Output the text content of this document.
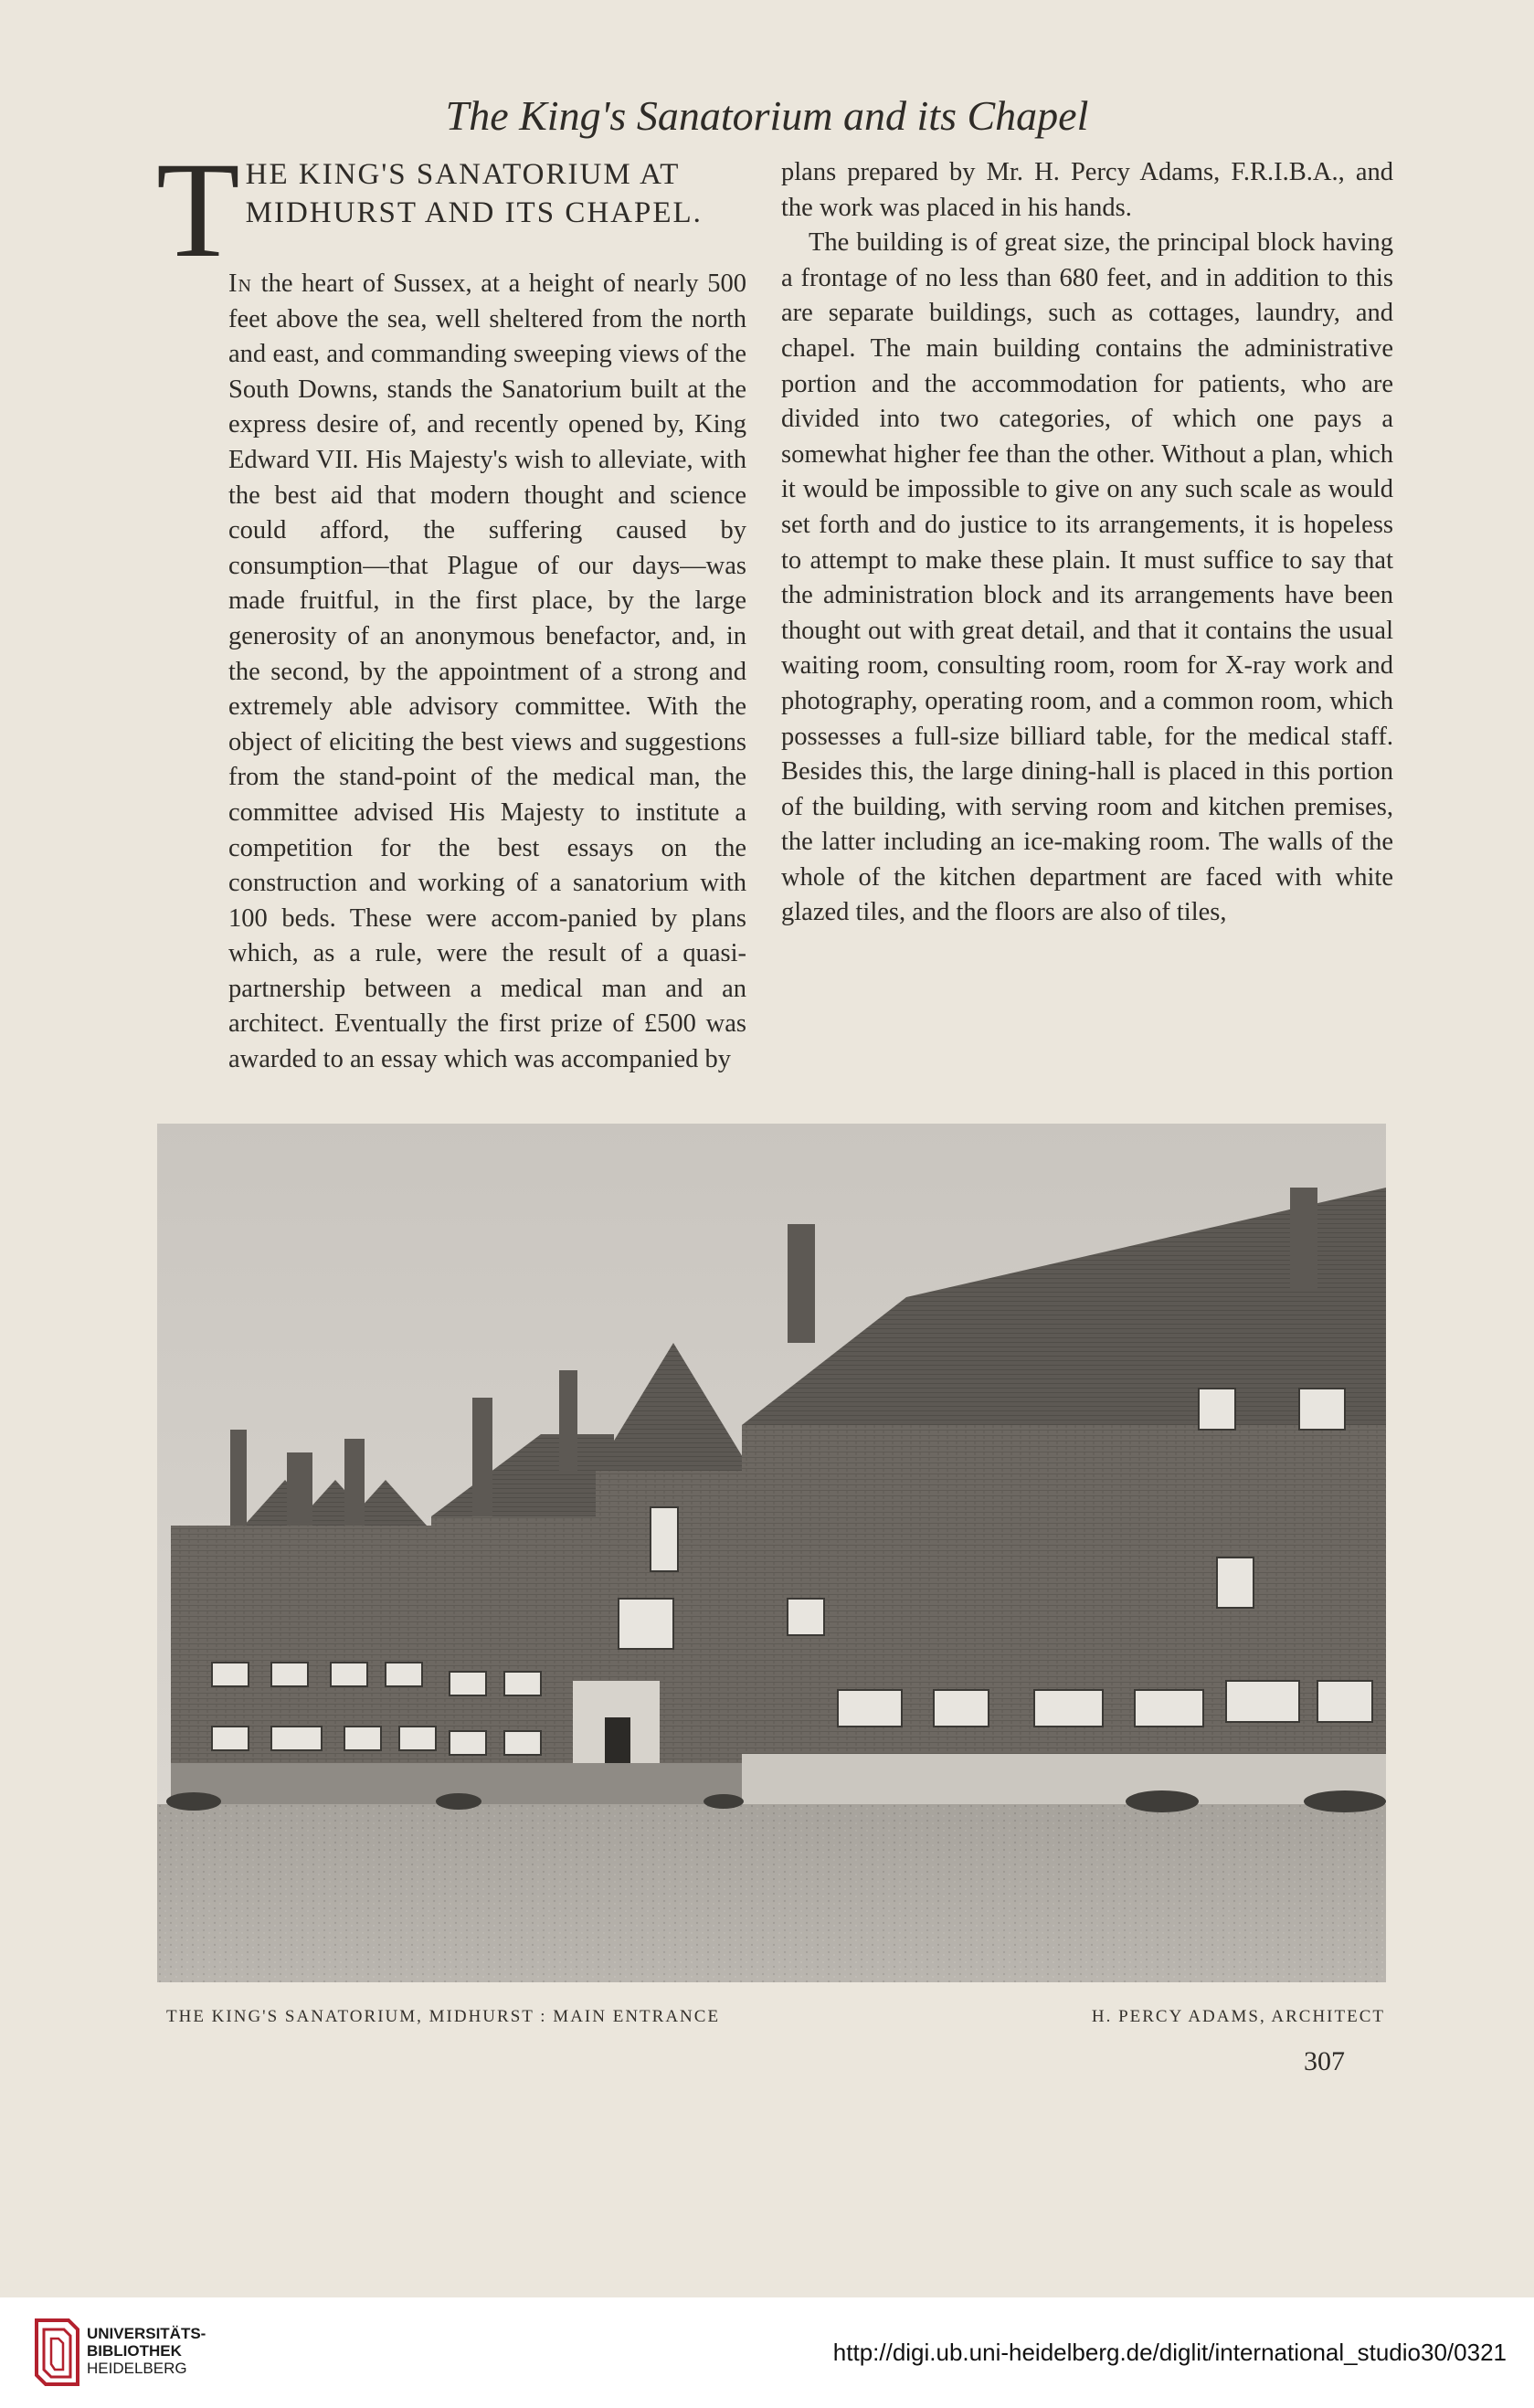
The King's Sanatorium and its Chapel
T HE KING'S SANATORIUM AT
MIDHURST AND ITS CHAPEL.

In the heart of Sussex, at a height of nearly 500 feet above the sea, well sheltered from the north and east, and commanding sweeping views of the South Downs, stands the Sanatorium built at the express desire of, and recently opened by, King Edward VII. His Majesty's wish to alleviate, with the best aid that modern thought and science could afford, the suffering caused by consumption—that Plague of our days—was made fruitful, in the first place, by the large generosity of an anonymous benefactor, and, in the second, by the appointment of a strong and extremely able advisory committee. With the object of eliciting the best views and suggestions from the stand-point of the medical man, the committee advised His Majesty to institute a competition for the best essays on the construction and working of a sanatorium with 100 beds. These were accom-panied by plans which, as a rule, were the result of a quasi-partnership between a medical man and an architect. Eventually the first prize of £500 was awarded to an essay which was accompanied by

plans prepared by Mr. H. Percy Adams, F.R.I.B.A., and the work was placed in his hands.

The building is of great size, the principal block having a frontage of no less than 680 feet, and in addition to this are separate buildings, such as cottages, laundry, and chapel. The main building contains the administrative portion and the accommodation for patients, who are divided into two categories, of which one pays a somewhat higher fee than the other. Without a plan, which it would be impossible to give on any such scale as would set forth and do justice to its arrangements, it is hopeless to attempt to make these plain. It must suffice to say that the administration block and its arrangements have been thought out with great detail, and that it contains the usual waiting room, consulting room, room for X-ray work and photography, operating room, and a common room, which possesses a full-size billiard table, for the medical staff. Besides this, the large dining-hall is placed in this portion of the building, with serving room and kitchen premises, the latter including an ice-making room. The walls of the whole of the kitchen department are faced with white glazed tiles, and the floors are also of tiles,

THE KING'S SANATORIUM, MIDHURST : MAIN ENTRANCE	H. PERCY ADAMS, ARCHITECT
307
UNIVERSITÄTS-
BIBLIOTHEK
HEIDELBERG
http://digi.ub.uni-heidelberg.de/diglit/international_studio30/0321
